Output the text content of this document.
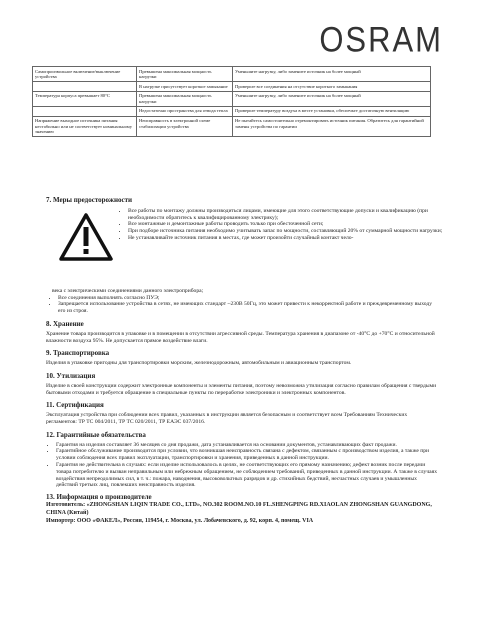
OSRAM
Самопроизвольное включение/выключение устройства	Превышена максимальная мощность нагрузки	Уменьшите нагрузку, либо замените источник на более мощный
	В нагрузке присутствует короткое замыкание	Проверьте все соединения на отсутствие короткого замыкания
Температура корпуса превышает 80°С	Превышена максимальная мощность нагрузки	Уменьшите нагрузку, либо замените источник на более мощный
	Недостаточно пространства для отвода тепла	Проверьте температуру воздуха в месте установки, обеспечьте достаточную вентиляцию
Напряжение выходное источника питания нестабильно или не соответствует номинальному значению	Неисправность в электронной схеме стабилизации устройства	Не пытайтесь самостоятельно отремонтировать источник питания. Обратитесь для гарантийной замены устройства по гарантии
7. Меры предосторожности
• Все работы по монтажу должны производиться лицами, имеющие для этого соответствующие допуски и квалификацию (при необходимости обратитесь к квалифицированному электрику);
• Все монтажные и демонтажные работы проводить только при обесточенной сети;
• При подборе источника питания необходимо учитывать запас по мощности, составляющий 20% от суммарной мощности нагрузки;
• Не устанавливайте источник питания в местах, где может произойти случайный контакт чело-

века с электрическими соединениями данного электроприбора;

• Все соединения выполнять согласно ПУЭ;
• Запрещается использование устройства в сетях, не имеющих стандарт ~230В 50Гц, это может привести к некорректной работе и преждевременному выходу его из строя.
8. Хранение

Хранение товара производится в упаковке и в помещении в отсутствии агрессивной среды. Температура хранения в диапазоне от -40°С до +70°С и относительной влажности воздуха 95%. Не допускается прямое воздействие влаги.

9. Транспортировка

Изделия в упаковке пригодны для транспортировки морским, железнодорожным, автомобильным и авиационным транспортом.

10. Утилизация

Изделие в своей конструкции содержит электронные компоненты и элементы питания, поэтому невозможна утилизация согласно правилам обращения с твердыми бытовыми отходами и требуется обращение в специальные пункты по переработке электроники и электронных компонентов.

11. Сертификация

Эксплуатация устройства при соблюдении всех правил, указанных в инструкции является безопасным и соответствует всем Требованиям Технических регламентов: ТР ТС 004/2011, ТР ТС 020/2011, ТР ЕАЭС 037/2016.

12. Гарантийные обязательства
• Гарантия на изделия составляет 36 месяцев со дня продажи, дата устанавливается на основании документов, устанавливающих факт продажи.
• Гарантийное обслуживание производится при условии, что возникшая неисправность связана с дефектом, связанным с производством изделия, а также при условии соблюдения всех правил эксплуатации, транспортировки и хранения, приведенных в данной инструкции.
• Гарантия не действительна в случаях: если изделие использовалось в целях, не соответствующих его прямому назначению; дефект возник после передачи товара потребителю и вызван неправильным или небрежным обращением, не соблюдением требований, приведенных в данной инструкции. А также в случаях воздействия непреодолимых сил, в т. ч.: пожара, наводнения, высоковольтных разрядов и др. стихийных бедствий, несчастных случаев и умышленных действий третьих лиц, повлекших неисправность изделия.
13. Информация о производителе

Изготовитель: «ZHONGSHAN LIQIN TRADE CO., LTD», NO.302 ROOM.NO.10 FL.SHENGPING RD.XIAOLAN ZHONGSHAN GUANGDONG, CHINA (Китай)

Импортер: ООО «ФАКЕЛ», Россия, 119454, г. Москва, ул. Лобачевского, д. 92, корп. 4, помещ. VIA
